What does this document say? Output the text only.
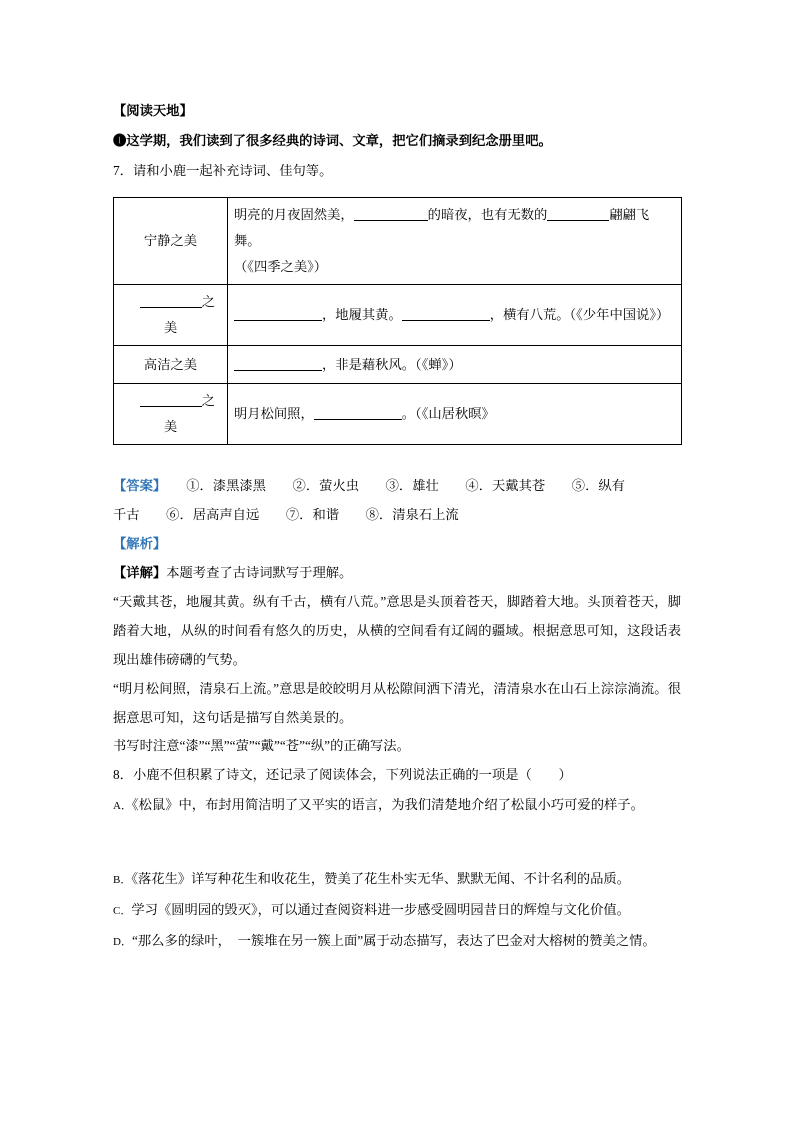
【阅读天地】
❶这学期，我们读到了很多经典的诗词、文章，把它们摘录到纪念册里吧。
7．请和小鹿一起补充诗词、佳句等。
宁静之美	明亮的月夜固然美， 的暗夜，也有无数的 翩翩飞舞。
（《四季之美》）

之
美	，地履其黄。 ，横有八荒。（《少年中国说》）
高洁之美	，非是藉秋风。（《蝉》）

之
美	明月松间照， 。（《山居秋暝》
【答案】 ①．漆黑漆黑　　②．萤火虫　　③．雄壮　　④．天戴其苍　　⑤．纵有
千古　　⑥．居高声自远　　⑦．和谐　　⑧．清泉石上流
【解析】
【详解】本题考查了古诗词默写于理解。
“天戴其苍，地履其黄。纵有千古，横有八荒。”意思是头顶着苍天，脚踏着大地。头顶着苍天，脚踏着大地，从纵的时间看有悠久的历史，从横的空间看有辽阔的疆域。根据意思可知，这段话表现出雄伟磅礴的气势。
“明月松间照，清泉石上流。”意思是皎皎明月从松隙间洒下清光，清清泉水在山石上淙淙淌流。很据意思可知，这句话是描写自然美景的。
书写时注意“漆”“黑”“萤”“戴”“苍”“纵”的正确写法。
8．小鹿不但积累了诗文，还记录了阅读体会，下列说法正确的一项是（　　）
A．《松鼠》中，布封用简洁明了又平实的语言，为我们清楚地介绍了松鼠小巧可爱的样子。
B．《落花生》详写种花生和收花生，赞美了花生朴实无华、默默无闻、不计名利的品质。
C．学习《圆明园的毁灭》，可以通过查阅资料进一步感受圆明园昔日的辉煌与文化价值。
D．“那么多的绿叶，　一簇堆在另一簇上面”属于动态描写，表达了巴金对大榕树的赞美之情。
